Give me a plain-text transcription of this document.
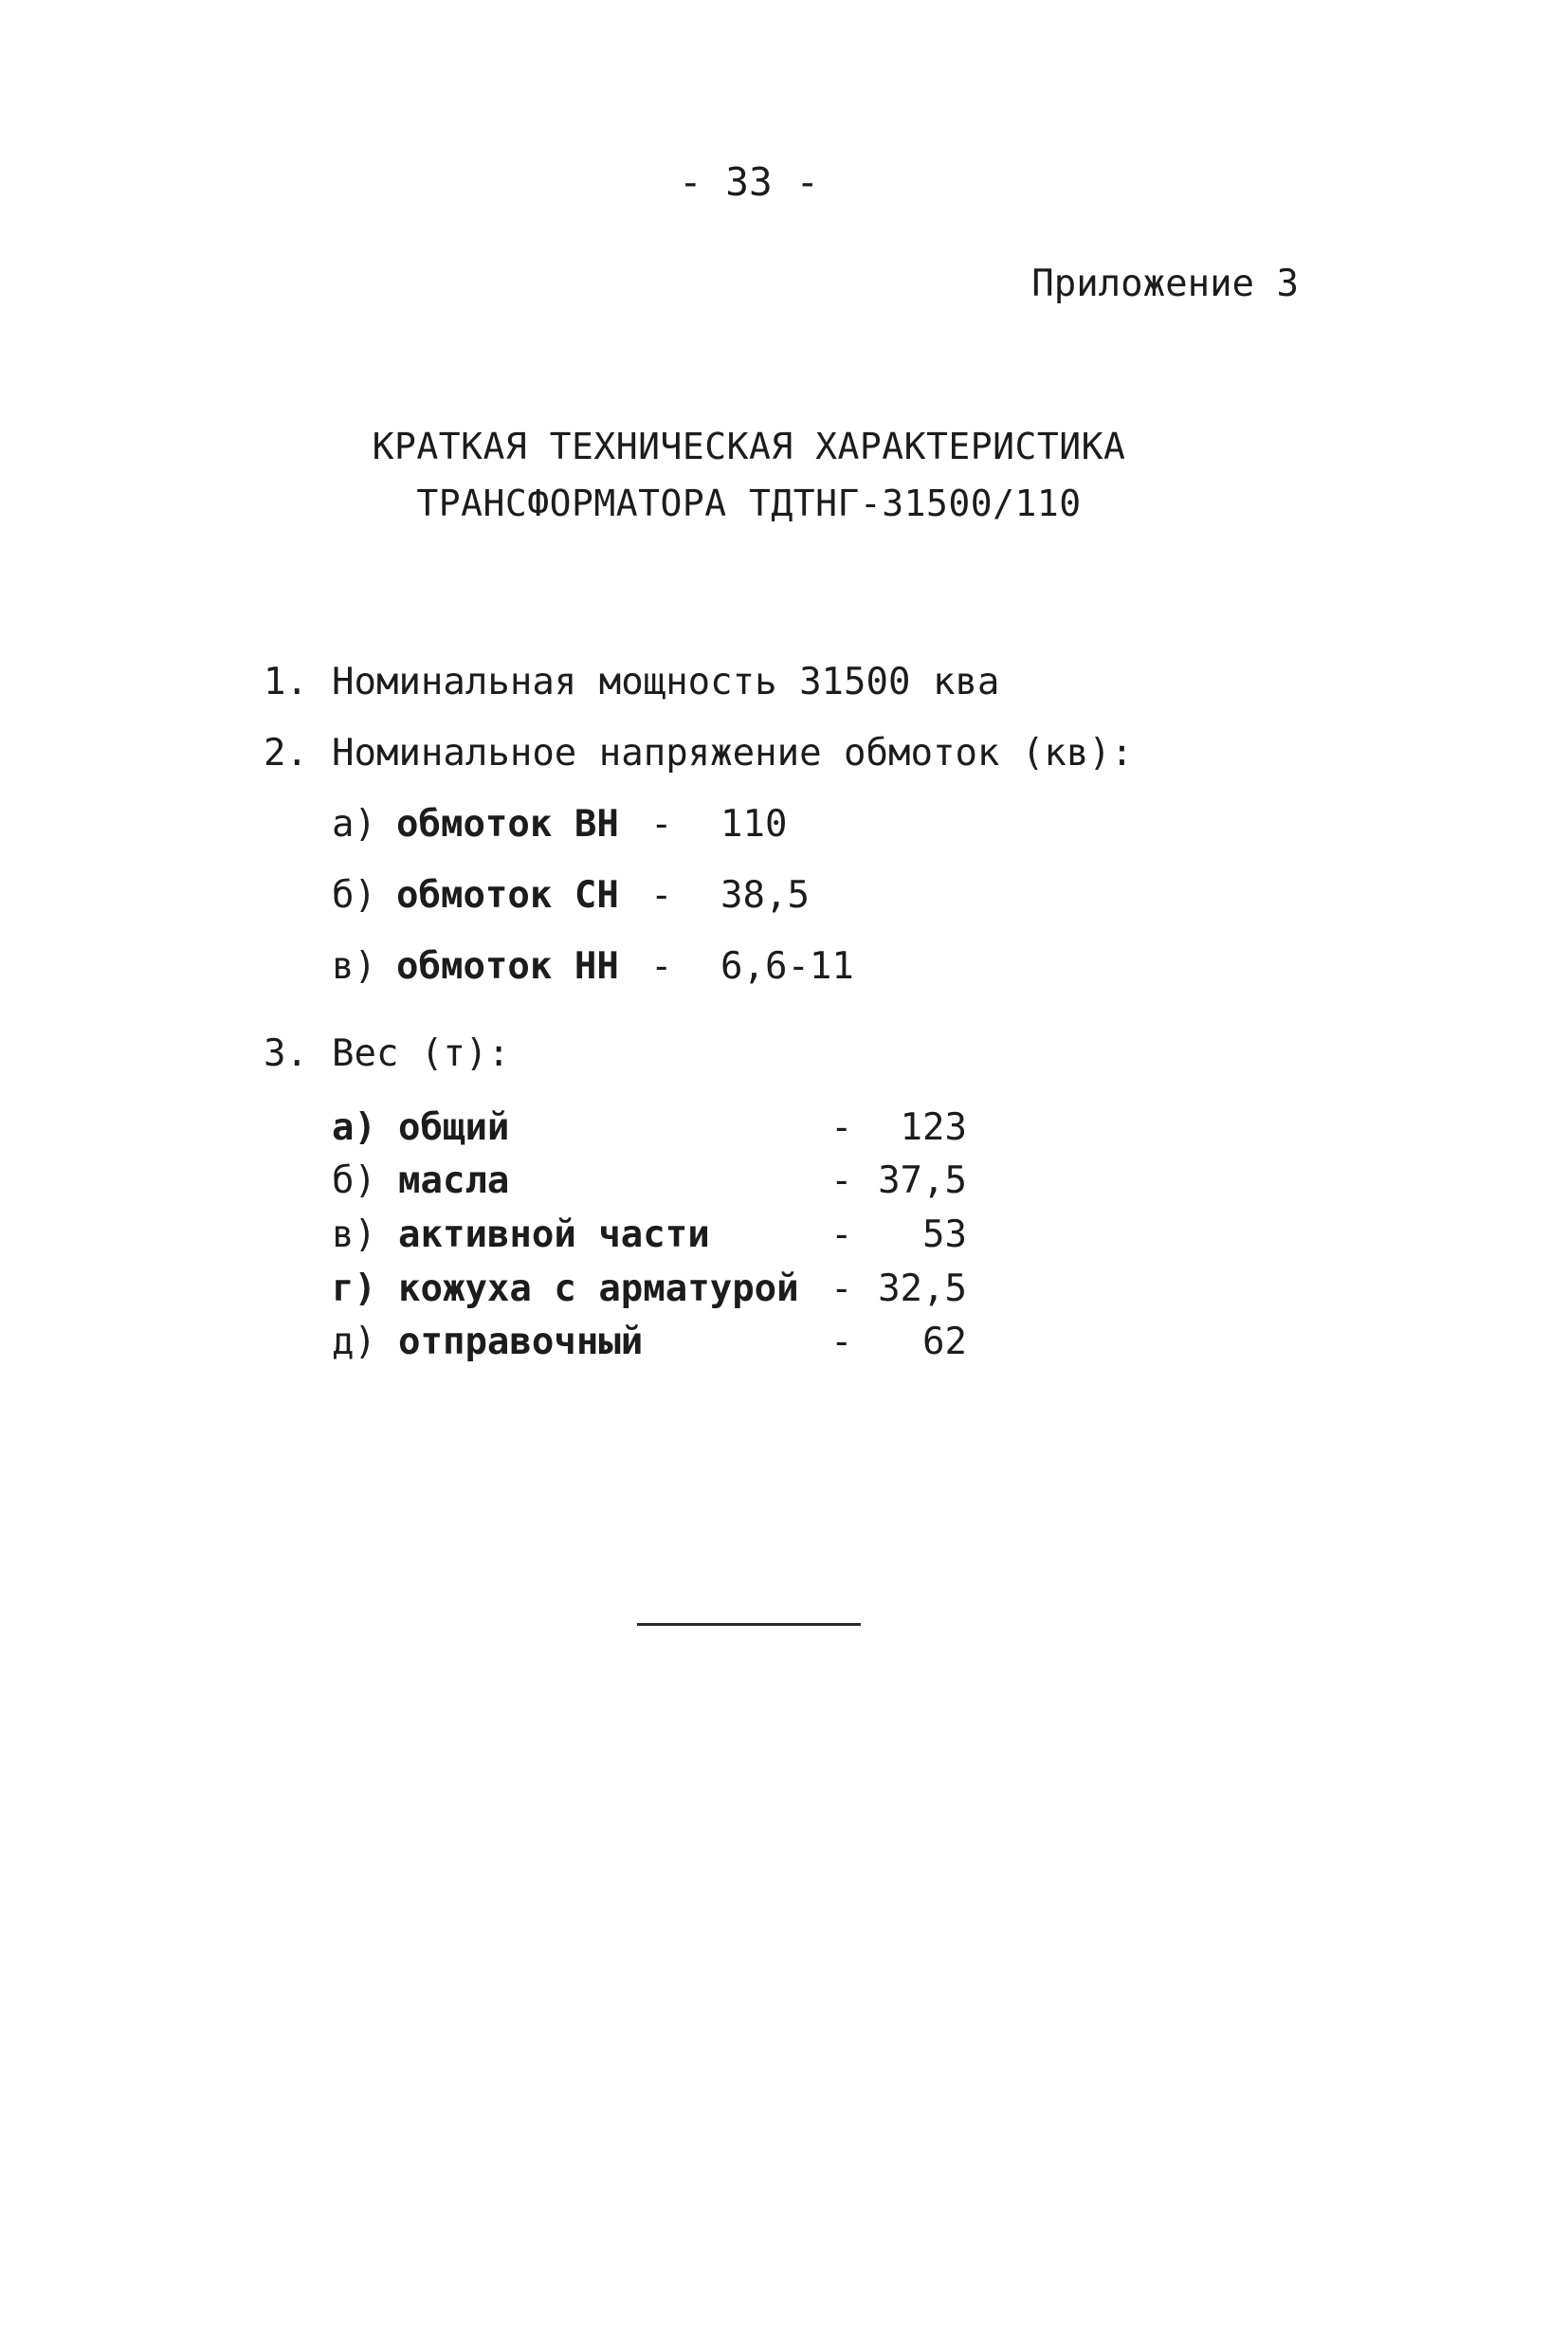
- 33 -
Приложение 3
КРАТКАЯ ТЕХНИЧЕСКАЯ ХАРАКТЕРИСТИКА
ТРАНСФОРМАТОРА ТДТНГ-31500/110
1. Номинальная мощность 31500 ква
2. Номинальное напряжение обмоток (кв):
а) обмоток ВН - 110
б) обмоток СН - 38,5
в) обмоток НН - 6,6-11
3. Вес (т):
а) общий	-	123
б) масла	- 37,5
в) активной части	-	53
г) кожуха с арматурой - 32,5
д) отправочный	-	62
